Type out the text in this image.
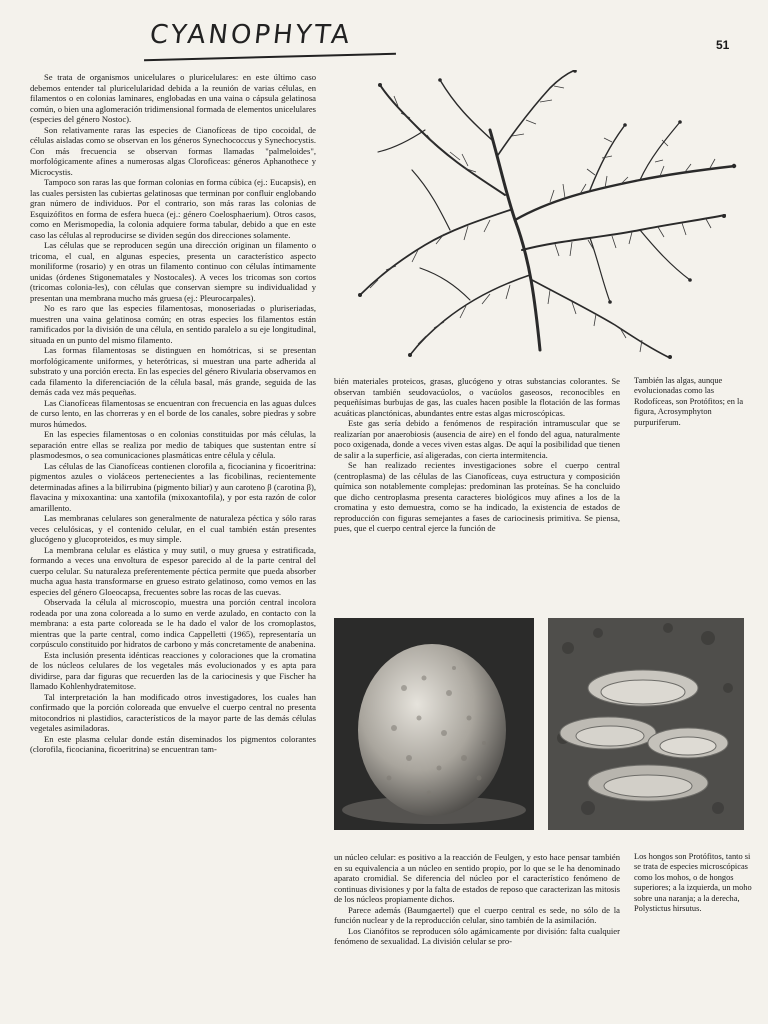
CYANOPHYTA	51

Se trata de organismos unicelulares o pluricelulares: en este último caso debemos entender tal pluricelularidad debida a la reunión de varias células, en filamentos o en colonias laminares, englobadas en una vaina o cápsula gelatinosa común, o bien una aglomeración tridimensional formada de elementos unicelulares (especies del género Nostoc).

Son relativamente raras las especies de Cianofíceas de tipo cocoidal, de células aisladas como se observan en los géneros Synechococcus y Synechocystis. Con más frecuencia se observan formas llamadas "palmeloides", morfológicamente afines a numerosas algas Cloroficeas: géneros Aphanothece y Microcystis.

Tampoco son raras las que forman colonias en forma cúbica (ej.: Eucapsis), en las cuales persisten las cubiertas gelatinosas que terminan por confluir englobando gran número de individuos. Por el contrario, son más raras las colonias de Esquizófitos en forma de esfera hueca (ej.: género Coelosphaerium). Otros casos, como en Merismopedia, la colonia adquiere forma tabular, debido a que en este caso las células al reproducirse se dividen según dos direcciones solamente.

Las células que se reproducen según una dirección originan un filamento o tricoma, el cual, en algunas especies, presenta un característico aspecto moniliforme (rosario) y en otras un filamento continuo con células íntimamente unidas (órdenes Stigonematales y Nostocales). A veces los tricomas son cortos (tricomas colonia-les), con células que conservan siempre su individualidad y presentan una membrana mucho más gruesa (ej.: Pleurocarpales).

No es raro que las especies filamentosas, monoseriadas o pluriseriadas, muestren una vaina gelatinosa común; en otras especies los filamentos están ramificados por la división de una célula, en sentido paralelo a su eje longitudinal, situada en un punto del mismo filamento.

Las formas filamentosas se distinguen en homótricas, si se presentan morfológicamente uniformes, y heterótricas, si muestran una parte adherida al substrato y una porción erecta. En las especies del género Rivularia observamos en cada filamento la diferenciación de la célula basal, más grande, seguida de las demás cada vez más pequeñas.

Las Cianofíceas filamentosas se encuentran con frecuencia en las aguas dulces de curso lento, en las chorreras y en el borde de los canales, sobre piedras y sobre muros húmedos.

En las especies filamentosas o en colonias constituidas por más células, la separación entre ellas se realiza por medio de tabiques que sustentan entre sí plasmodesmos, o sea comunicaciones plasmáticas entre célula y célula.

Las células de las Cianofíceas contienen clorofila a, ficocianina y ficoeritrina: pigmentos azules o violáceos pertenecientes a las ficobilinas, recientemente determinadas afines a la bilirrubina (pigmento biliar) y aun caroteno β (carotina β), flavacina y mixoxantina: una xantofila (mixoxantofila), y por esta razón de color amarillento.

Las membranas celulares son generalmente de naturaleza péctica y sólo raras veces celulósicas, y el contenido celular, en el cual también están presentes glucógeno y glucoproteidos, es muy simple.

La membrana celular es elástica y muy sutil, o muy gruesa y estratificada, formando a veces una envoltura de espesor parecido al de la parte central del cuerpo celular. Su naturaleza preferentemente péctica permite que pueda absorber mucha agua hasta transformarse en grueso estrato gelatinoso, como vemos en las especies del género Gloeocapsa, frecuentes sobre las rocas de las cuevas.

Observada la célula al microscopio, muestra una porción central incolora rodeada por una zona coloreada a lo sumo en verde azulado, en contacto con la membrana: a esta parte coloreada se le ha dado el valor de los cromoplastos, mientras que la parte central, como indica Cappelletti (1965), representaría un corpúsculo constituido por hidratos de carbono y más concretamente de anabenina.

Esta inclusión presenta idénticas reacciones y coloraciones que la cromatina de los núcleos celulares de los vegetales más evolucionados y es apta para dividirse, para dar figuras que recuerden las de la cariocinesis y que Fischer ha llamado Kohlenhydratemitose.

Tal interpretación la han modificado otros investigadores, los cuales han confirmado que la porción coloreada que envuelve el cuerpo central no presenta mitocondrios ni plastidios, característicos de la mayor parte de las demás células vegetales asimiladoras.

En este plasma celular donde están diseminados los pigmentos colorantes (clorofila, ficocianina, ficoeritrina) se encuentran tam-

bién materiales proteicos, grasas, glucógeno y otras substancias colorantes. Se observan también seudovacúolos, o vacúolos gaseosos, reconocibles en pequeñísimas burbujas de gas, las cuales hacen posible la flotación de las formas acuáticas planctónicas, abundantes entre estas algas microscópicas.

Este gas sería debido a fenómenos de respiración intramuscular que se realizarían por anaerobiosis (ausencia de aire) en el fondo del agua, naturalmente poco oxigenada, donde a veces viven estas algas. De aquí la posibilidad que tienen de salir a la superficie, así aligeradas, con cierta intermitencia.

Se han realizado recientes investigaciones sobre el cuerpo central (centroplasma) de las células de las Cianofíceas, cuya estructura y composición química son notablemente complejas: predominan las proteínas. Se ha concluido que dicho centroplasma presenta caracteres biológicos muy afines a los de la cromatina y esto demuestra, como se ha indicado, la existencia de estados de reproducción con figuras semejantes a fases de cariocinesis primitiva. Se piensa, pues, que el cuerpo central ejerce la función de

También las algas, aunque evolucionadas como las Rodofíceas, son Protófitos; en la figura, Acrosymphyton purpuriferum.

un núcleo celular: es positivo a la reacción de Feulgen, y esto hace pensar también en su equivalencia a un núcleo en sentido propio, por lo que se le ha denominado aparato cromidial. Se diferencia del núcleo por el característico fenómeno de continuas divisiones y por la falta de estados de reposo que caracterizan las mitosis de los núcleos propiamente dichos.

Parece además (Baumgaertel) que el cuerpo central es sede, no sólo de la función nuclear y de la reproducción celular, sino también de la asimilación.

Los Cianófitos se reproducen sólo agámicamente por división: falta cualquier fenómeno de sexualidad. La división celular se pro-

Los hongos son Protófitos, tanto si se trata de especies microscópicas como los mohos, o de hongos superiores; a la izquierda, un moho sobre una naranja; a la derecha, Polystictus hirsutus.
